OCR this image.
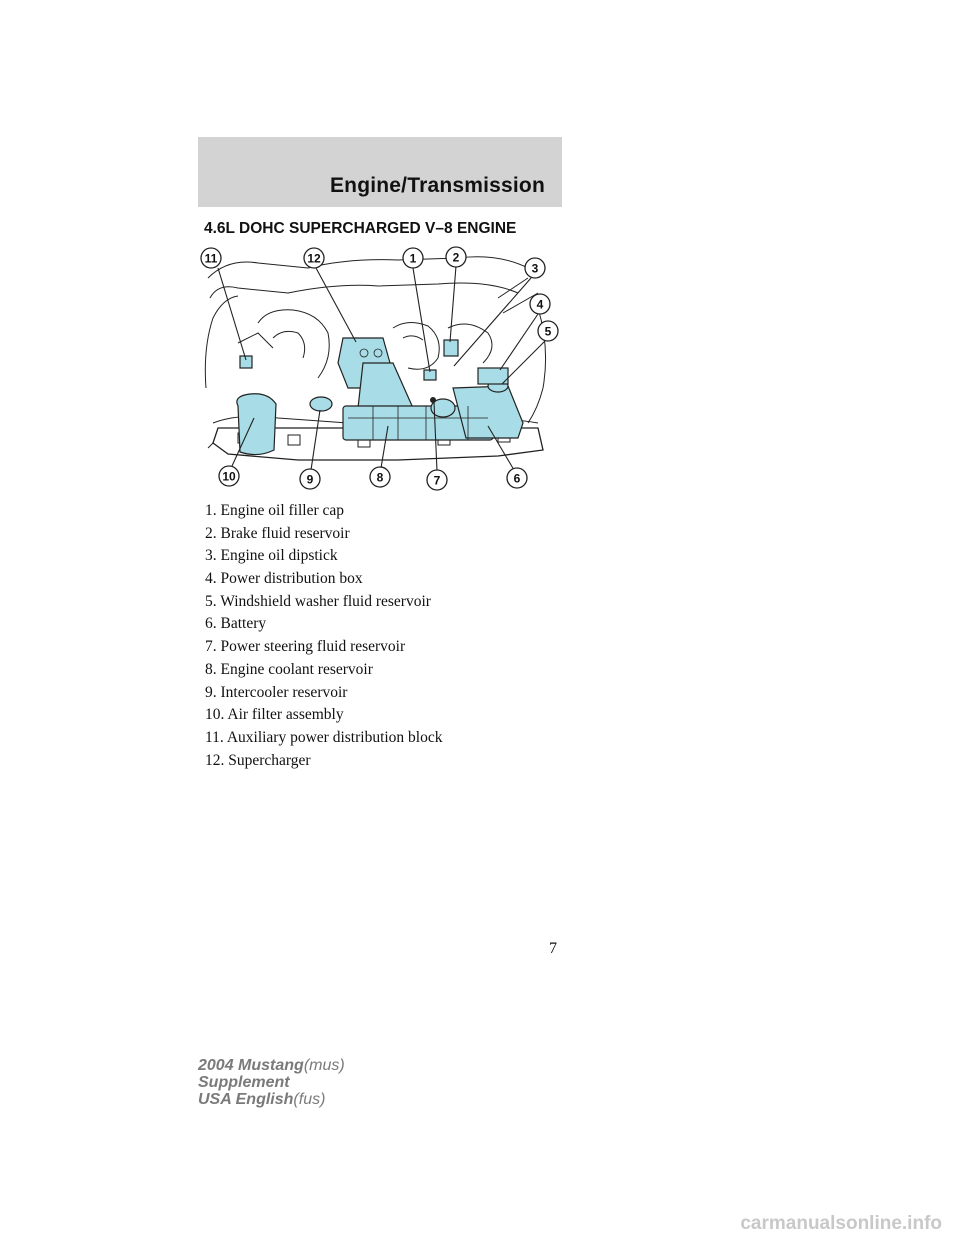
Engine/Transmission
4.6L DOHC SUPERCHARGED V–8 ENGINE
11	12	1	2
3
4
5
10	9	8	7	6
1. Engine oil filler cap
2. Brake fluid reservoir
3. Engine oil dipstick
4. Power distribution box
5. Windshield washer fluid reservoir
6. Battery
7. Power steering fluid reservoir
8. Engine coolant reservoir
9. Intercooler reservoir
10. Air filter assembly
11. Auxiliary power distribution block
12. Supercharger
7
2004 Mustang(mus)
Supplement
USA English(fus)
carmanualsonline.info
